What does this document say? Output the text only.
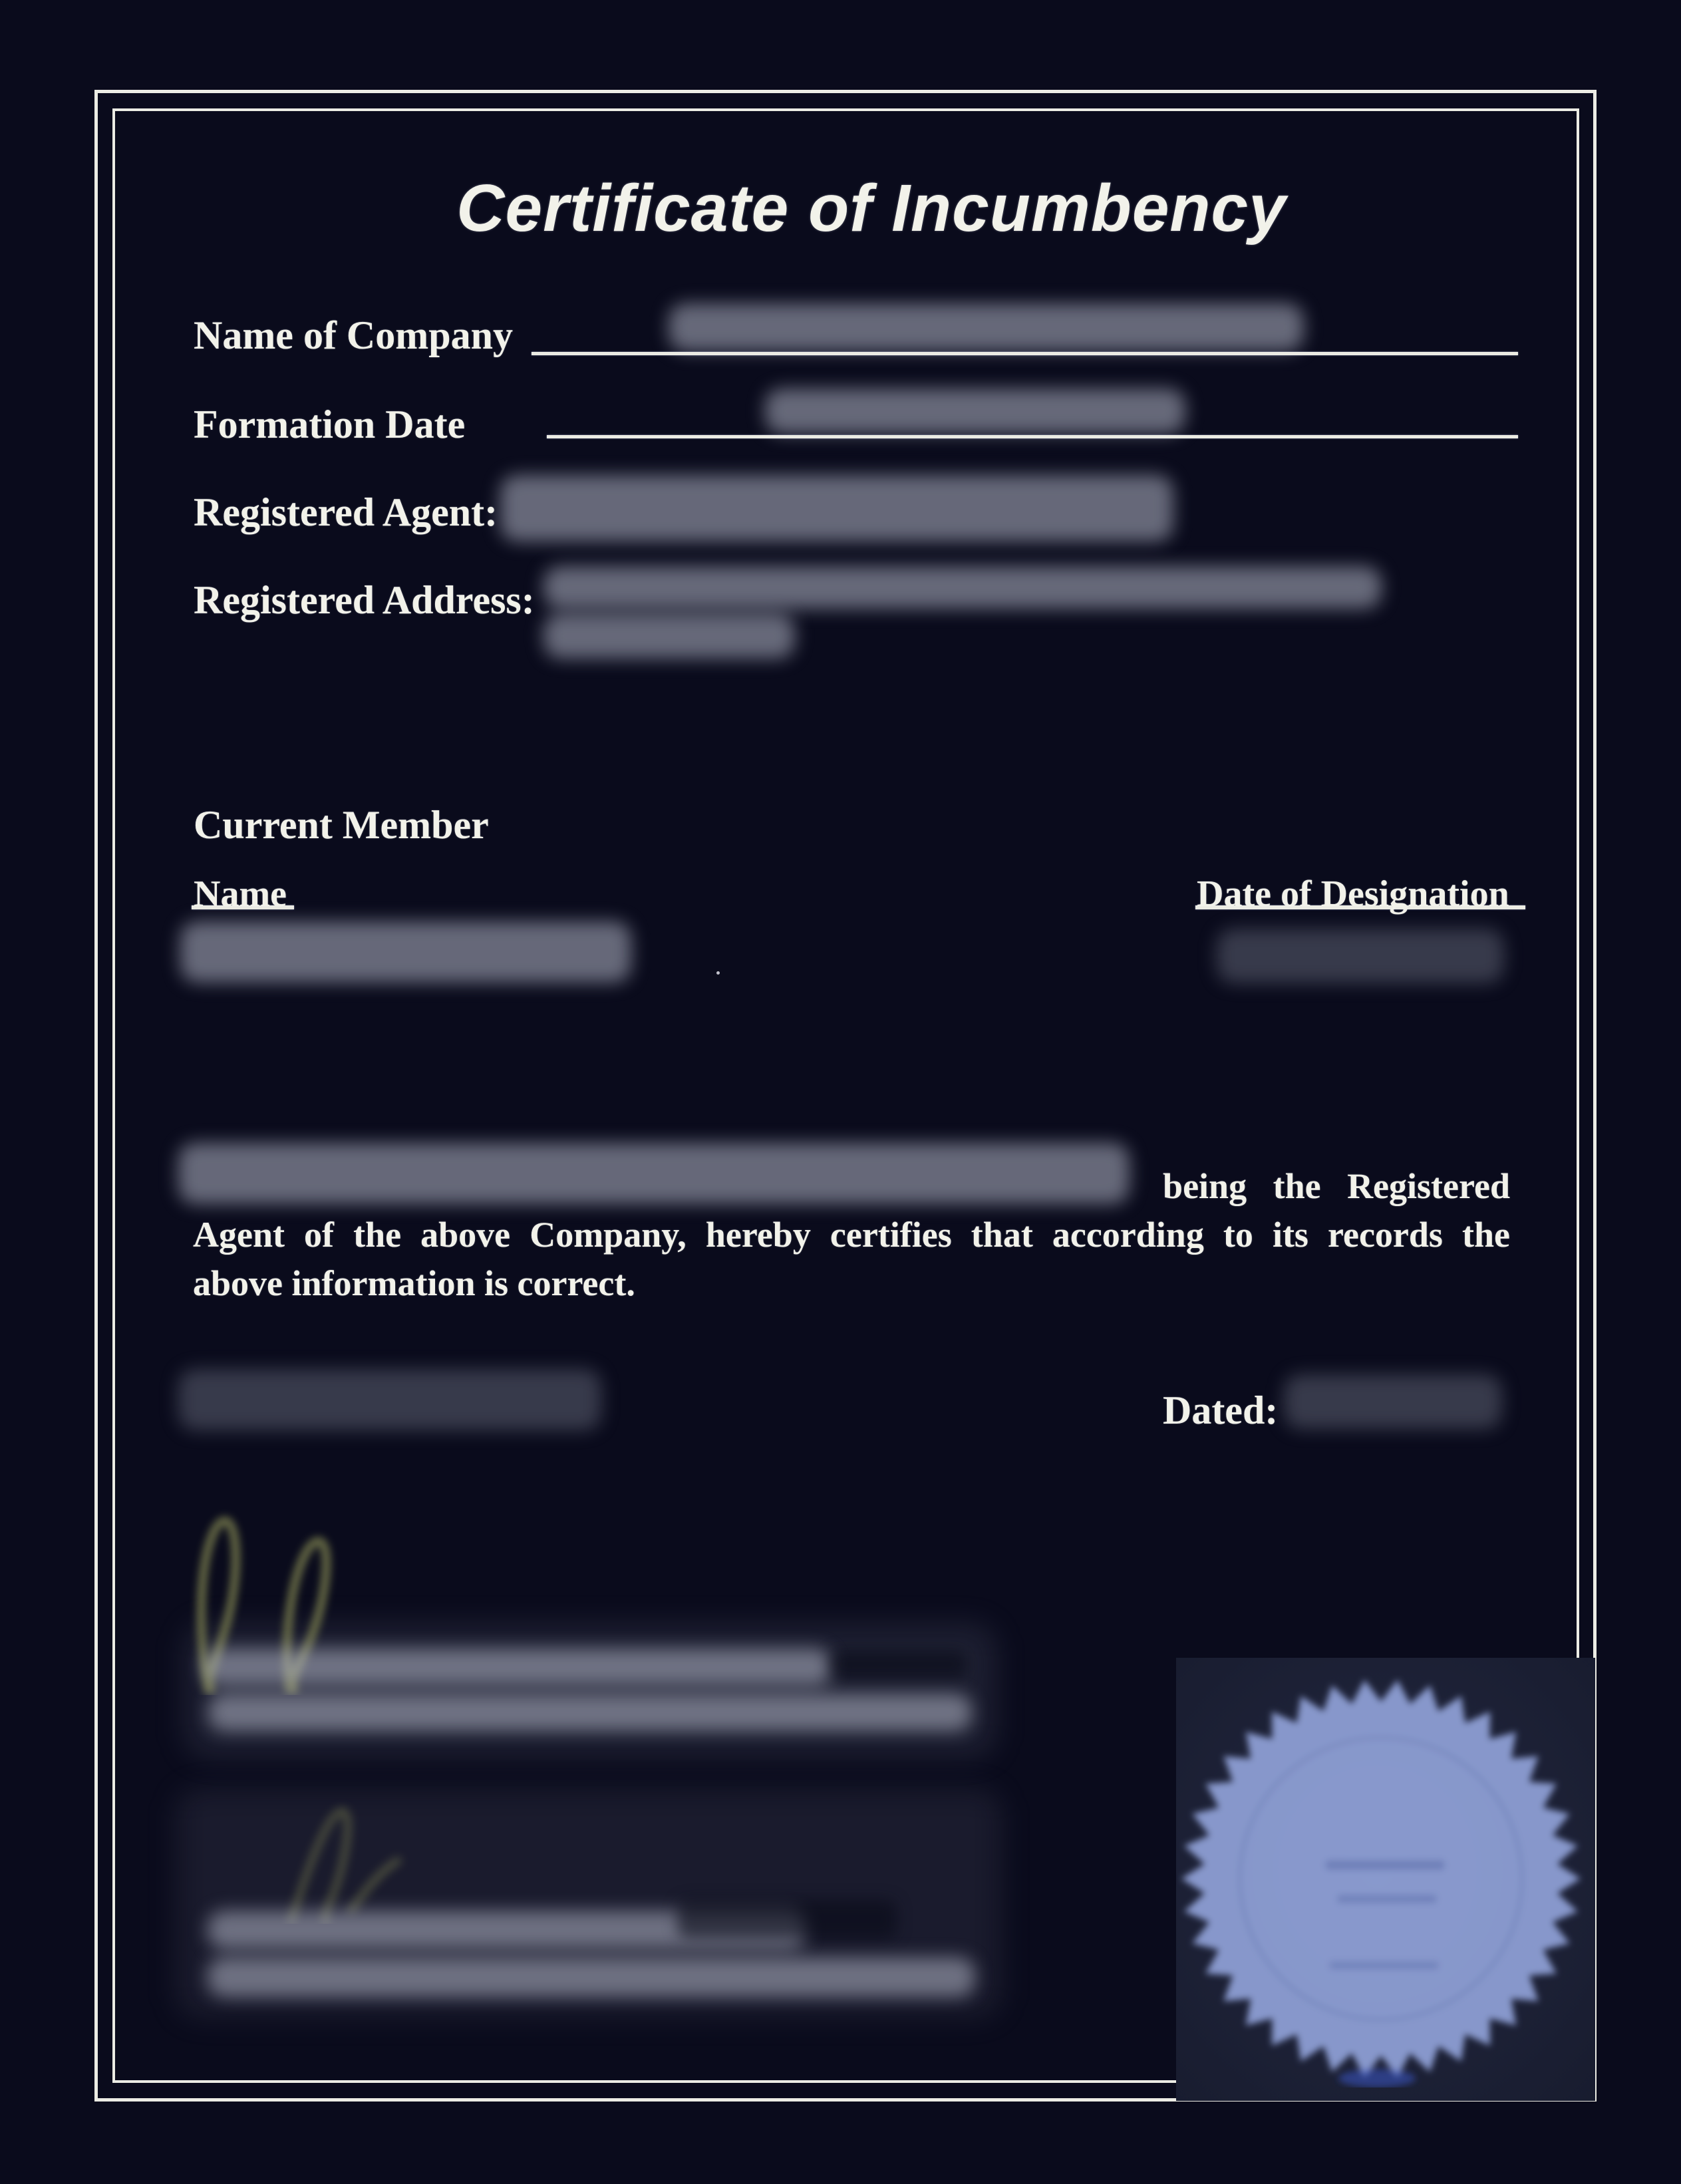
Certificate of Incumbency
Name of Company
Formation Date
Registered Agent:
Registered Address:
Current Member
Name	Date of Designation
being the Registered
Agent of the above Company, hereby certifies that according to its records the
above information is correct.
Dated:
